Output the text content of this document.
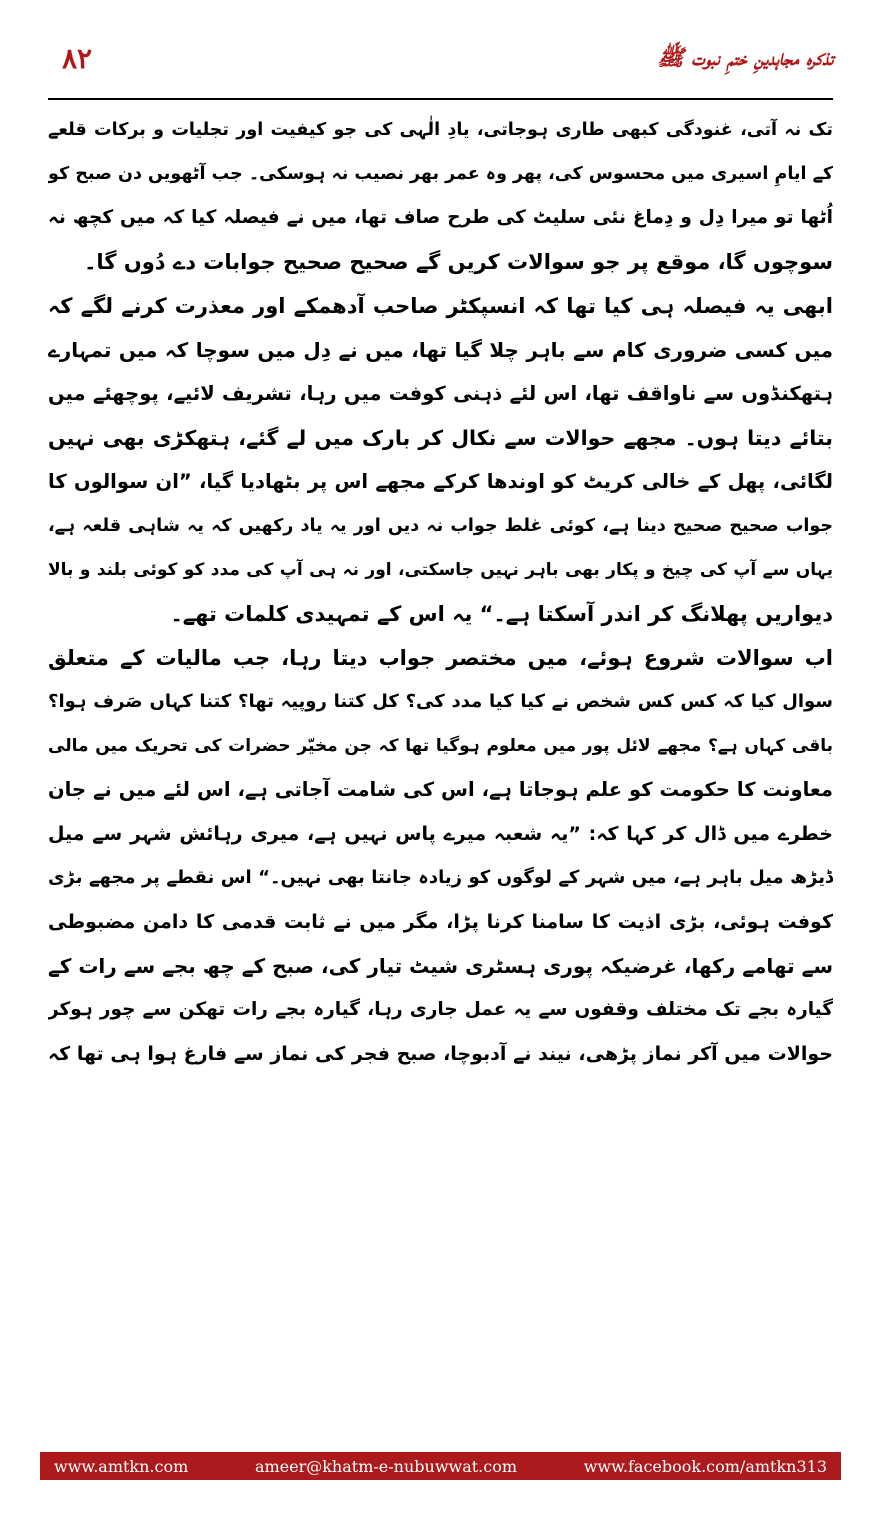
۸۲	تذکرہ مجاہدینِ ختمِ نبوت ﷺ
تک نہ آتی، غنودگی کبھی طاری ہوجاتی، یادِ الٰہی کی جو کیفیت اور تجلیات و برکات قلعے
کے ایامِ اسیری میں محسوس کی، پھر وہ عمر بھر نصیب نہ ہوسکی۔ جب آٹھویں دن صبح کو
اُٹھا تو میرا دِل و دِماغ نئی سلیٹ کی طرح صاف تھا، میں نے فیصلہ کیا کہ میں کچھ نہ
سوچوں گا، موقع پر جو سوالات کریں گے صحیح صحیح جوابات دے دُوں گا۔
ابھی یہ فیصلہ ہی کیا تھا کہ انسپکٹر صاحب آدھمکے اور معذرت کرنے لگے کہ
میں کسی ضروری کام سے باہر چلا گیا تھا، میں نے دِل میں سوچا کہ میں تمہارے
ہتھکنڈوں سے ناواقف تھا، اس لئے ذہنی کوفت میں رہا، تشریف لائیے، پوچھئے میں
بتائے دیتا ہوں۔ مجھے حوالات سے نکال کر بارک میں لے گئے، ہتھکڑی بھی نہیں
لگائی، پھل کے خالی کریٹ کو اوندھا کرکے مجھے اس پر بٹھادیا گیا، ”ان سوالوں کا
جواب صحیح صحیح دینا ہے، کوئی غلط جواب نہ دیں اور یہ یاد رکھیں کہ یہ شاہی قلعہ ہے،
یہاں سے آپ کی چیخ و پکار بھی باہر نہیں جاسکتی، اور نہ ہی آپ کی مدد کو کوئی بلند و بالا
دیواریں پھلانگ کر اندر آسکتا ہے۔“ یہ اس کے تمہیدی کلمات تھے۔
اب سوالات شروع ہوئے، میں مختصر جواب دیتا رہا، جب مالیات کے متعلق
سوال کیا کہ کس کس شخص نے کیا کیا مدد کی؟ کل کتنا روپیہ تھا؟ کتنا کہاں صَرف ہوا؟
باقی کہاں ہے؟ مجھے لائل پور میں معلوم ہوگیا تھا کہ جن مخیّر حضرات کی تحریک میں مالی
معاونت کا حکومت کو علم ہوجاتا ہے، اس کی شامت آجاتی ہے، اس لئے میں نے جان
خطرے میں ڈال کر کہا کہ: ”یہ شعبہ میرے پاس نہیں ہے، میری رہائش شہر سے میل
ڈیڑھ میل باہر ہے، میں شہر کے لوگوں کو زیادہ جانتا بھی نہیں۔“ اس نقطے پر مجھے بڑی
کوفت ہوئی، بڑی اذیت کا سامنا کرنا پڑا، مگر میں نے ثابت قدمی کا دامن مضبوطی
سے تھامے رکھا، غرضیکہ پوری ہسٹری شیٹ تیار کی، صبح کے چھ بجے سے رات کے
گیارہ بجے تک مختلف وقفوں سے یہ عمل جاری رہا، گیارہ بجے رات تھکن سے چور ہوکر
حوالات میں آکر نماز پڑھی، نیند نے آدبوچا، صبح فجر کی نماز سے فارغ ہوا ہی تھا کہ
www.amtkn.com	ameer@khatm-e-nubuwwat.com	www.facebook.com/amtkn313
